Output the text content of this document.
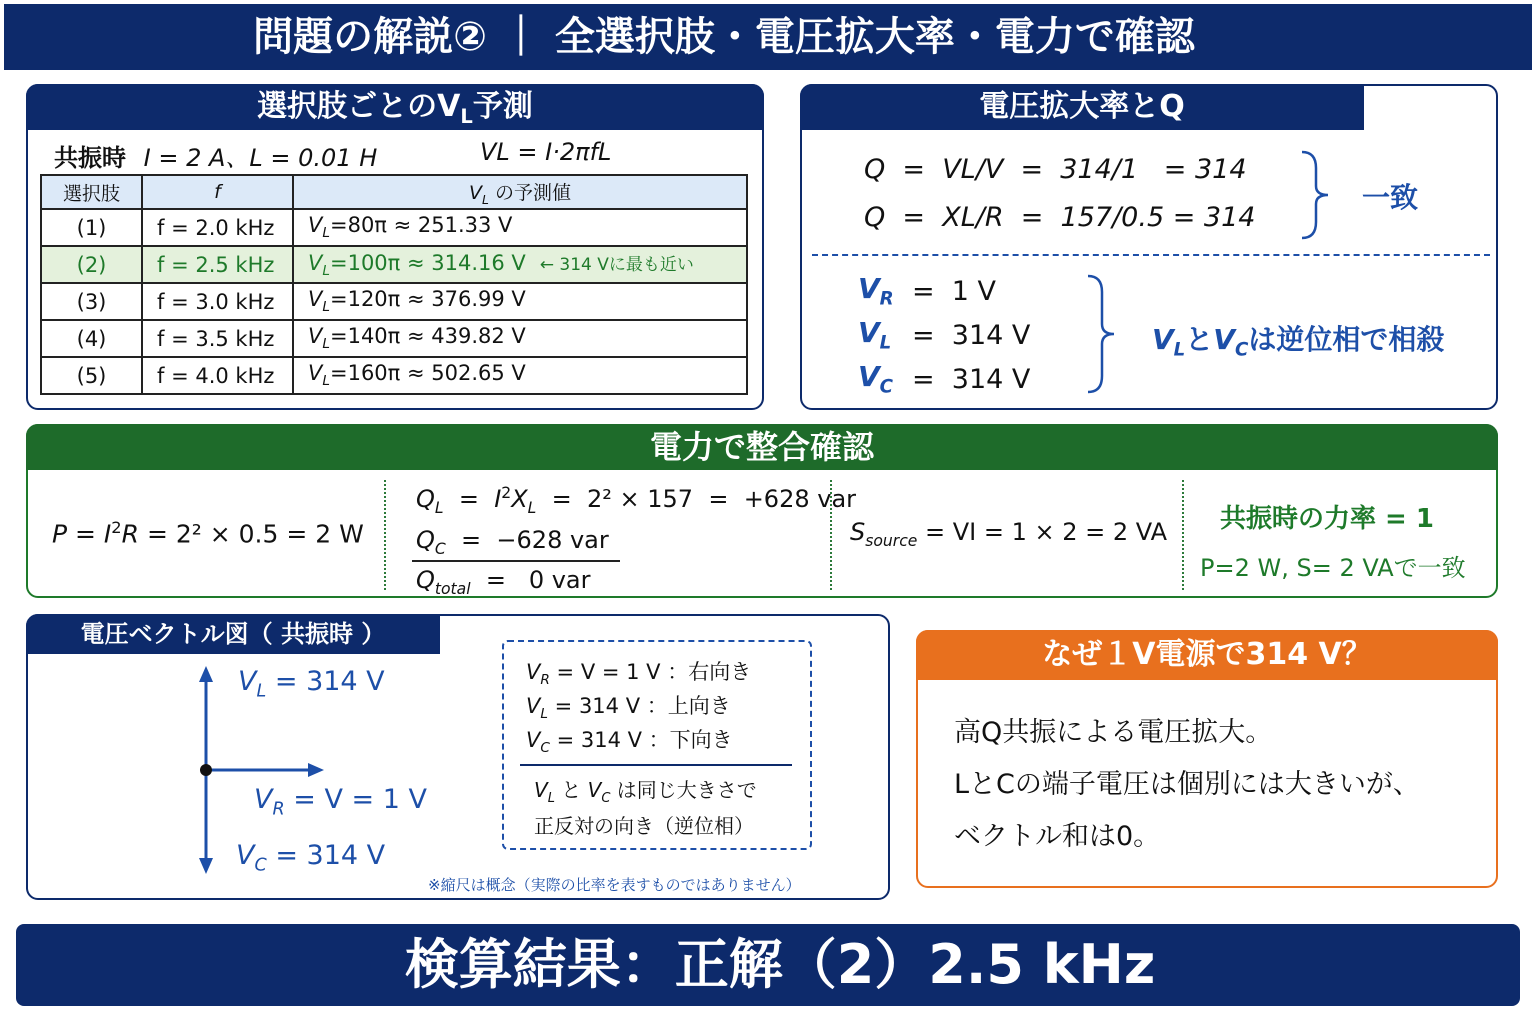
問題の解説② ｜ 全選択肢・電圧拡大率・電力で確認
選択肢ごとの$V_L$予測
共振時 I = 2 A、L = 0.01 H	VL = I·2πfL
選択肢	f	$V_L$ の予測値
(1)	f = 2.0 kHz	$V_L=80\pi \approx 251.33$ V
(2)	f = 2.5 kHz	$V_L=100\pi \approx 314.16$ V ← 314 Vに最も近い
(3)	f = 3.0 kHz	$V_L=120\pi \approx 376.99$ V
(4)	f = 3.5 kHz	$V_L=140\pi \approx 439.82$ V
(5)	f = 4.0 kHz	$V_L=160\pi \approx 502.65$ V
電圧拡大率とQ
Q  =  VL/V  =  314/1   = 314
Q  =  XL/R  =  157/0.5 = 314
一致
$V_R = 1$ V
$V_L = 314$ V
$V_C = 314$ V
$V_L$と$V_C$は逆位相で相殺
電力で整合確認
$P = I^2R = 2^2 \times 0.5 = 2$ W
$Q_L = I^2X_L = 2^2 \times 157 = +628$ var
$Q_C = -628$ var
$Q_{total} = 0$ var
$S_{source}$ = VI = 1 × 2 = 2 VA 共振時の力率 = 1
P=2 W, S= 2 VAで一致
電圧ベクトル図（ 共振時 ）
$V_L = 314$ V
$V_R = V = 1$ V
$V_C = 314$ V
$V_R = V = 1$ V ：右向き
$V_L = 314$ V ：上向き
$V_C = 314$ V ：下向き
$V_L$ と $V_C$ は同じ大きさで
正反対の向き（逆位相）
※縮尺は概念（実際の比率を表すものではありません）
なぜ１V電源で314 V？
高Q共振による電圧拡大。
LとCの端子電圧は個別には大きいが、
ベクトル和は0。
検算結果：正解（2）2.5 kHz
